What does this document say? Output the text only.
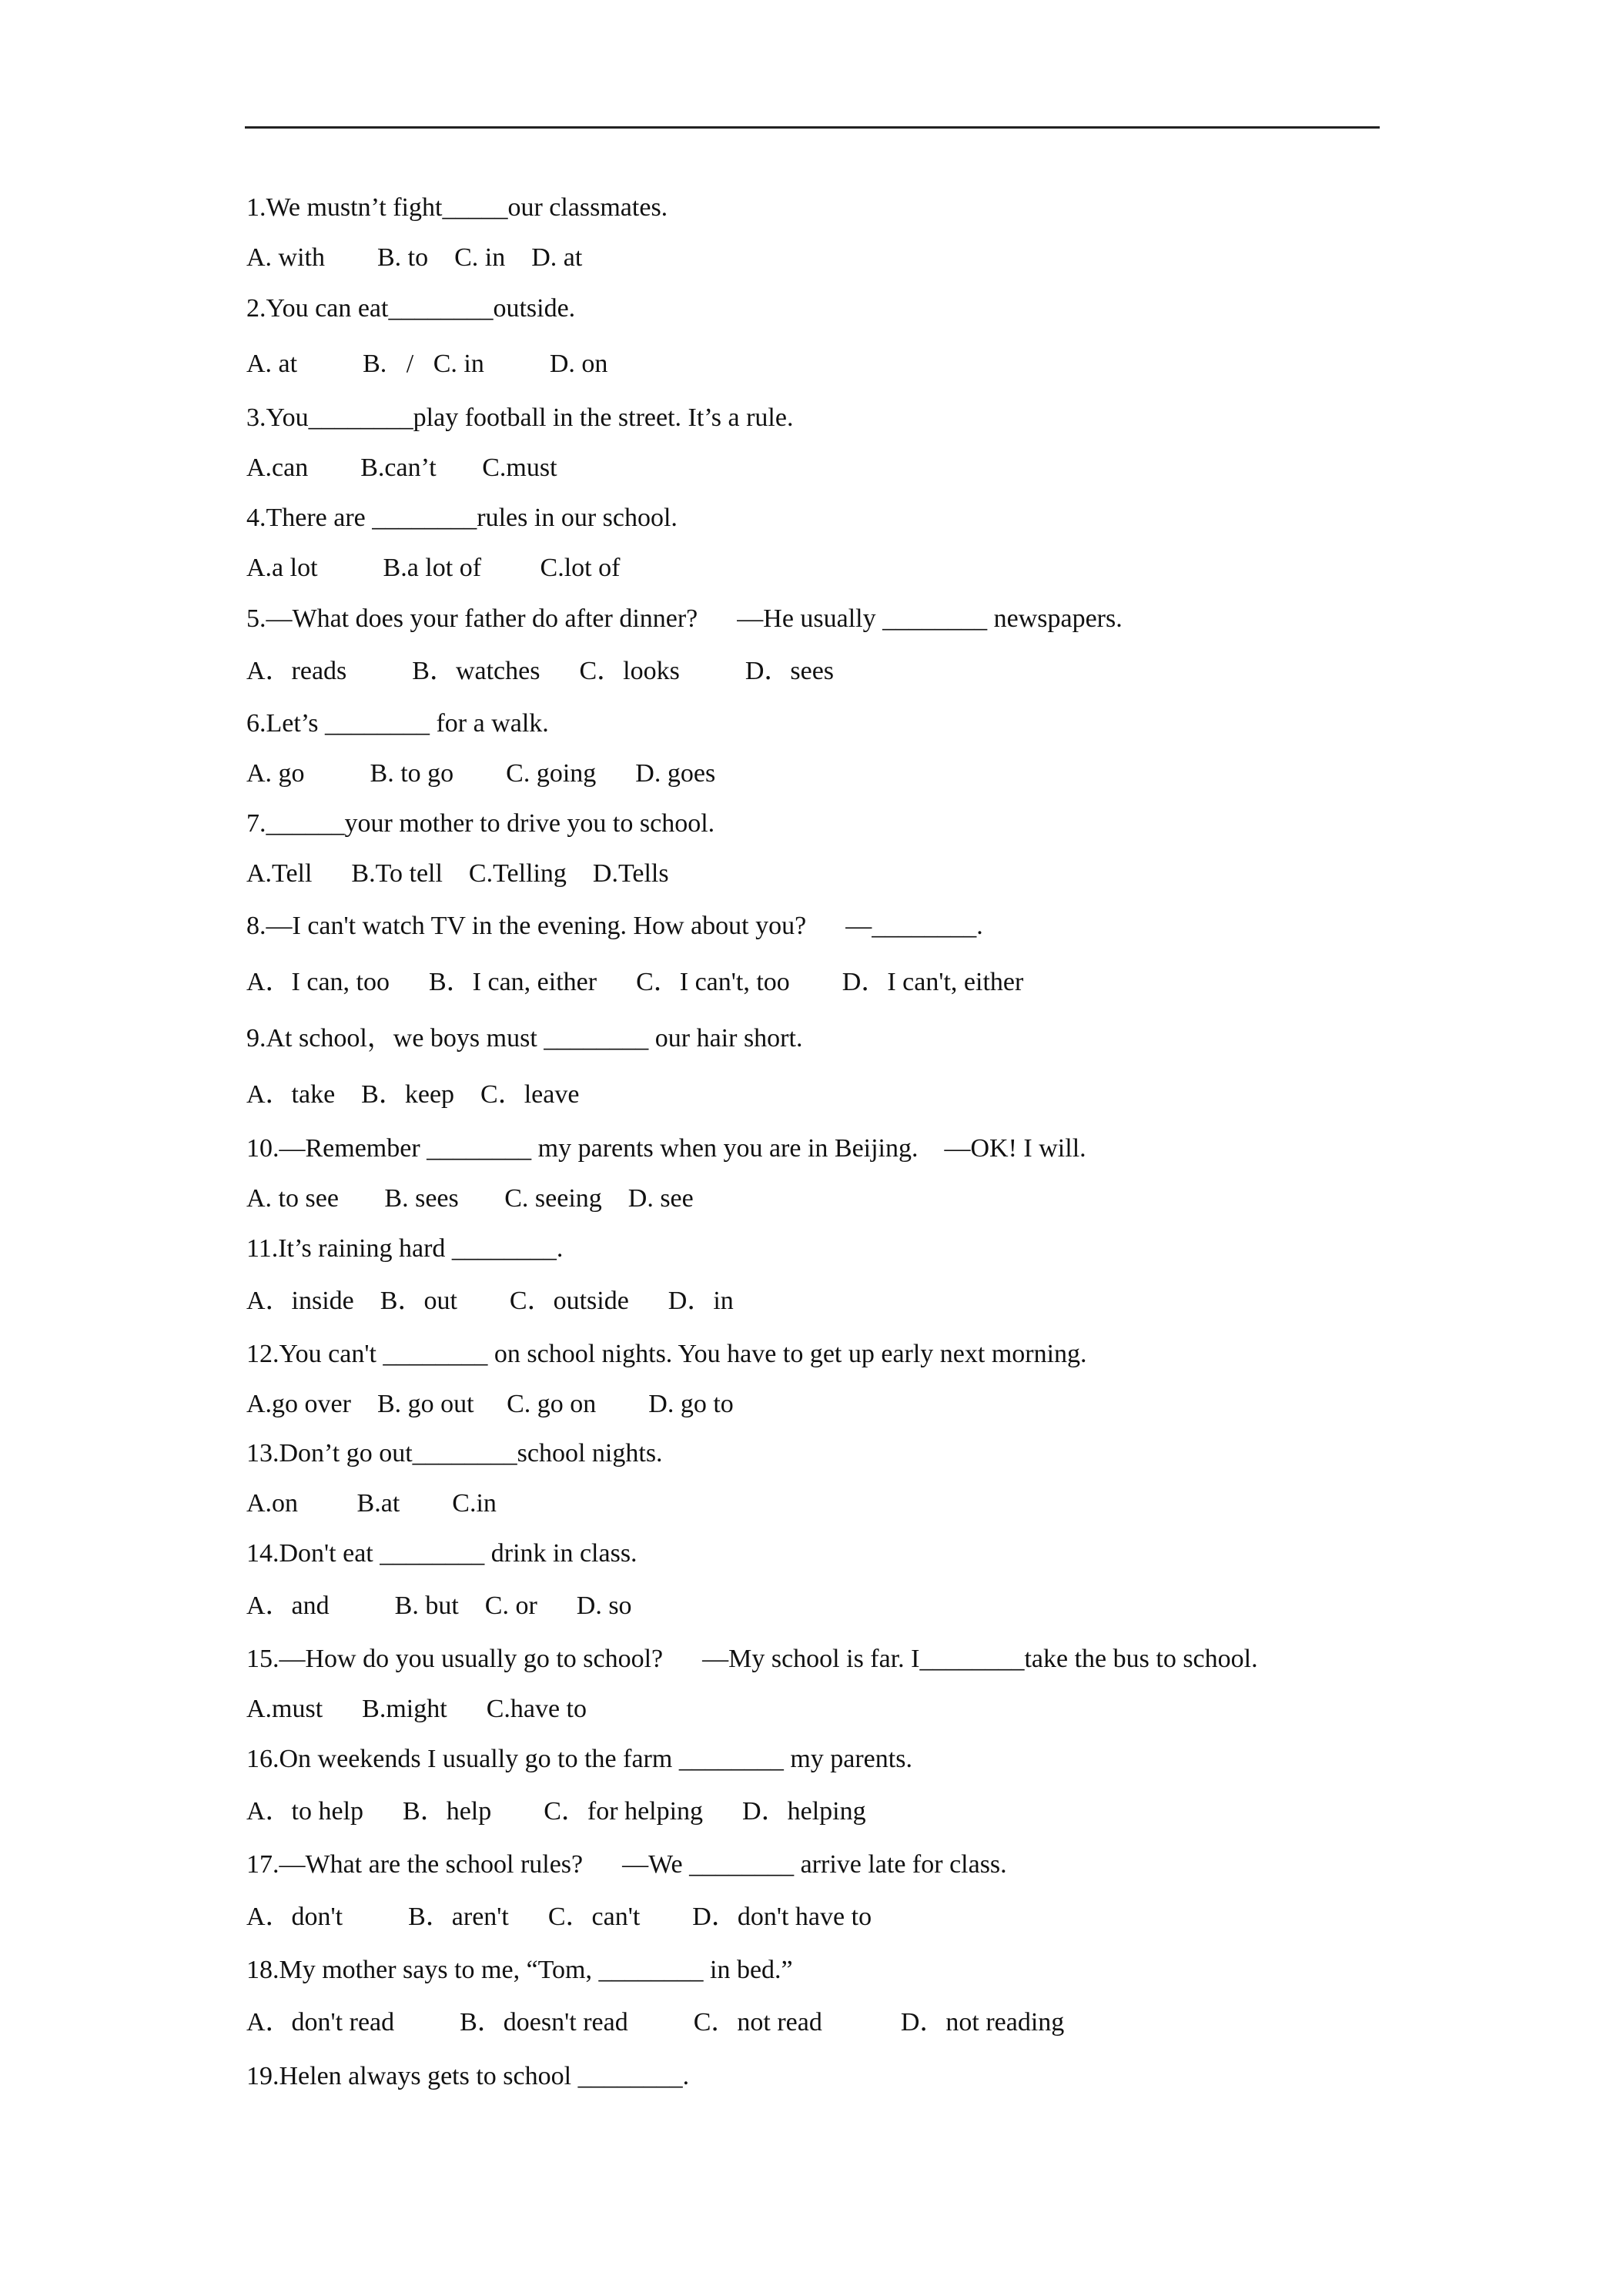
1.We mustn’t fight_____our classmates.
A. with        B. to    C. in    D. at
2.You can eat________outside.
A. at          B.   /   C. in          D. on
3.You________play football in the street. It’s a rule.
A.can        B.can’t       C.must
4.There are ________rules in our school.
A.a lot          B.a lot of         C.lot of
5.—What does your father do after dinner?      —He usually ________ newspapers.
A．reads          B．watches      C．looks          D．sees
6.Let’s ________ for a walk.
A. go          B. to go        C. going      D. goes
7.______your mother to drive you to school.
A.Tell      B.To tell    C.Telling    D.Tells
8.—I can't watch TV in the evening. How about you?      —________.
A．I can, too      B．I can, either      C．I can't, too        D．I can't, either
9.At school，we boys must ________ our hair short.
A．take    B．keep    C．leave
10.—Remember ________ my parents when you are in Beijing.    —OK! I will.
A. to see       B. sees       C. seeing    D. see
11.It’s raining hard ________.
A．inside    B．out        C．outside      D．in
12.You can't ________ on school nights. You have to get up early next morning.
A.go over    B. go out     C. go on        D. go to
13.Don’t go out________school nights.
A.on         B.at        C.in
14.Don't eat ________ drink in class.
A．and          B. but    C. or      D. so
15.—How do you usually go to school?      —My school is far. I________take the bus to school.
A.must      B.might      C.have to
16.On weekends I usually go to the farm ________ my parents.
A．to help      B．help        C．for helping      D．helping
17.—What are the school rules?      —We ________ arrive late for class.
A．don't          B．aren't      C．can't        D．don't have to
18.My mother says to me, “Tom, ________ in bed.”
A．don't read          B．doesn't read          C．not read            D．not reading
19.Helen always gets to school ________.
